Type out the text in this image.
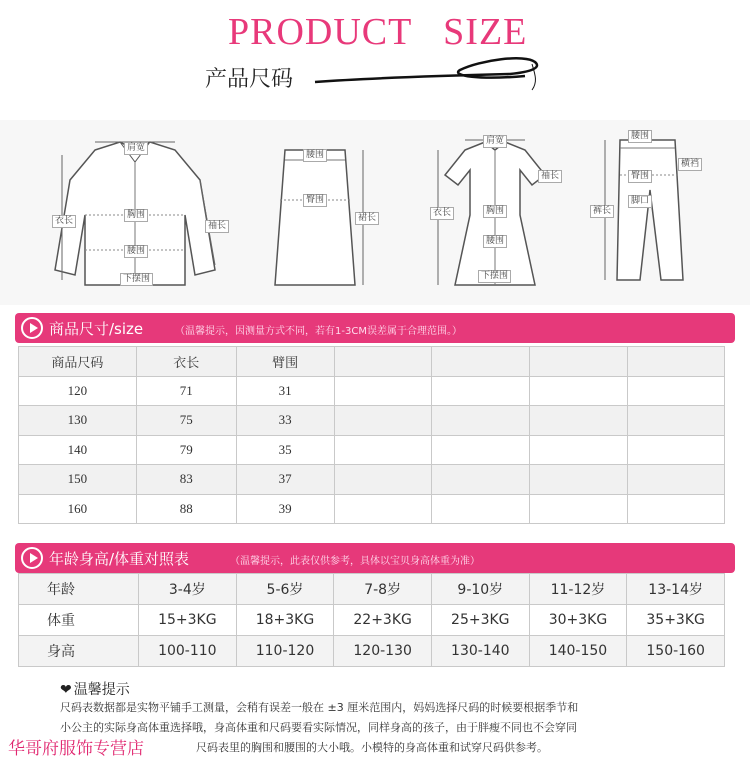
PRODUCT   SIZE
产品尺码
肩宽
衣长
胸围
袖长
腰围
下摆围
腰围
臀围
裙长
肩宽
袖长
衣长	胸围
腰围
下摆围
腰围
臀围
裤长
横裆
脚口
商品尺寸/size	（温馨提示，因测量方式不同，若有1-3CM误差属于合理范围。）
商品尺码	衣长	臂围				
120	71	31				
130	75	33				
140	79	35				
150	83	37				
160	88	39				
年龄身高/体重对照表	（温馨提示，此表仅供参考，具体以宝贝身高体重为准）
年龄	3-4岁	5-6岁	7-8岁	9-10岁	11-12岁	13-14岁
体重	15+3KG	18+3KG	22+3KG	25+3KG	30+3KG	35+3KG
身高	100-110	110-120	120-130	130-140	140-150	150-160
❤ 温馨提示
尺码表数据都是实物平铺手工测量，会稍有误差一般在 ±3 厘米范围内，妈妈选择尺码的时候要根据季节和
小公主的实际身高体重选择哦，身高体重和尺码要看实际情况，同样身高的孩子，由于胖瘦不同也不会穿同
尺码表里的胸围和腰围的大小哦。小模特的身高体重和试穿尺码供参考。
华哥府服饰专营店
